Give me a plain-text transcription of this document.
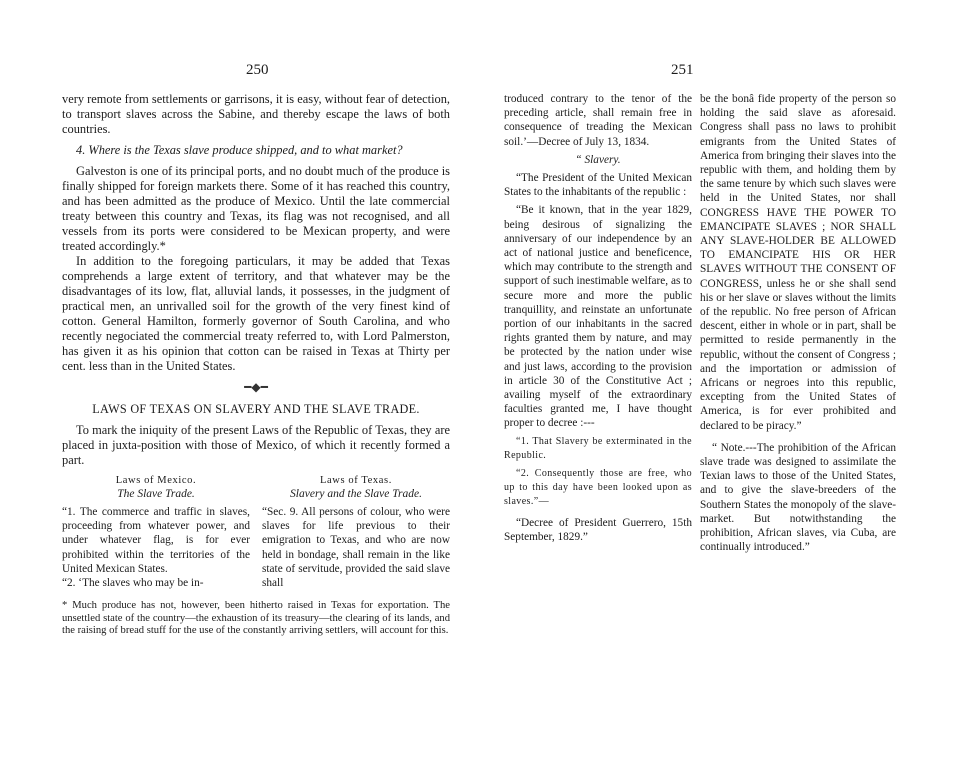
250	251

very remote from settlements or garrisons, it is easy, without fear of detection, to transport slaves across the Sabine, and thereby escape the laws of both countries.

4. Where is the Texas slave produce shipped, and to what market?

Galveston is one of its principal ports, and no doubt much of the produce is finally shipped for foreign markets there. Some of it has reached this country, and has been admitted as the produce of Mexico. Until the late commercial treaty between this country and Texas, its flag was not recognised, and all vessels from its ports were considered to be Mexican property, and were treated accordingly.*

In addition to the foregoing particulars, it may be added that Texas comprehends a large extent of territory, and that whatever may be the disadvantages of its low, flat, alluvial lands, it possesses, in the judgment of practical men, an unrivalled soil for the growth of the very finest kind of cotton. General Hamilton, formerly governor of South Carolina, and who recently negociated the commercial treaty referred to, with Lord Palmerston, has given it as his opinion that cotton can be raised in Texas at Thirty per cent. less than in the United States.

━◆━
LAWS OF TEXAS ON SLAVERY AND THE SLAVE TRADE.

To mark the iniquity of the present Laws of the Republic of Texas, they are placed in juxta-position with those of Mexico, of which it recently formed a part.

Laws of Mexico.
The Slave Trade.

“1. The commerce and traffic in slaves, proceeding from whatever power, and under whatever flag, is for ever prohibited within the territories of the United Mexican States.

“2. ‘The slaves who may be in-

Laws of Texas.
Slavery and the Slave Trade.

“Sec. 9. All persons of colour, who were slaves for life previous to their emigration to Texas, and who are now held in bondage, shall remain in the like state of servitude, provided the said slave shall

* Much produce has not, however, been hitherto raised in Texas for exportation. The unsettled state of the country—the exhaustion of its treasury—the clearing of its lands, and the raising of bread stuff for the use of the constantly arriving settlers, will account for this.

troduced contrary to the tenor of the preceding article, shall remain free in consequence of treading the Mexican soil.’—Decree of July 13, 1834.

“ Slavery.

“The President of the United Mexican States to the inhabitants of the republic :

“Be it known, that in the year 1829, being desirous of signalizing the anniversary of our independence by an act of national justice and beneficence, which may contribute to the strength and support of such inestimable welfare, as to secure more and more the public tranquillity, and reinstate an unfortunate portion of our inhabitants in the sacred rights granted them by nature, and may be protected by the nation under wise and just laws, according to the provision in article 30 of the Constitutive Act ; availing myself of the extraordinary faculties granted me, I have thought proper to decree :---

“1. That Slavery be exterminated in the Republic.

“2. Consequently those are free, who up to this day have been looked upon as slaves.”—

“Decree of President Guerrero, 15th September, 1829.”

be the bonâ fide property of the person so holding the said slave as aforesaid. Congress shall pass no laws to prohibit emigrants from the United States of America from bringing their slaves into the republic with them, and holding them by the same tenure by which such slaves were held in the United States, nor shall CONGRESS HAVE THE POWER TO EMANCIPATE SLAVES ; NOR SHALL ANY SLAVE-HOLDER BE ALLOWED TO EMANCIPATE HIS OR HER SLAVES WITHOUT THE CONSENT OF CONGRESS, unless he or she shall send his or her slave or slaves without the limits of the republic. No free person of African descent, either in whole or in part, shall be permitted to reside permanently in the republic, without the consent of Congress ; and the importation or admission of Africans or negroes into this republic, excepting from the United States of America, is for ever prohibited and declared to be piracy.”

“ Note.---The prohibition of the African slave trade was designed to assimilate the Texian laws to those of the United States, and to give the slave-breeders of the Southern States the monopoly of the slave-market. But notwithstanding the prohibition, African slaves, via Cuba, are continually introduced.”
